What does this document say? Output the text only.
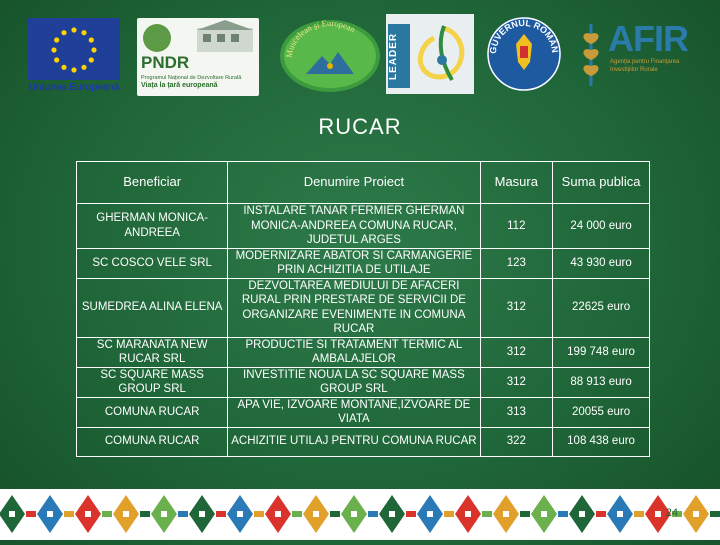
Uniunea Europeană
PNDR
Programul Naţional de Dezvoltare Rurală
Viața la țară europeană
Muscelean şi European
LEADER	GUVERNUL ROMÂN AFIR
Agenţia pentru Finanţarea Investiţiilor Rurale
RUCAR
Beneficiar	Denumire Proiect	Masura	Suma publica
GHERMAN MONICA-ANDREEA	INSTALARE TANAR FERMIER GHERMAN MONICA-ANDREEA COMUNA RUCAR, JUDETUL ARGES	112	24 000 euro
SC COSCO VELE SRL	MODERNIZARE ABATOR SI CARMANGERIE PRIN ACHIZITIA DE UTILAJE	123	43 930 euro
SUMEDREA ALINA ELENA	DEZVOLTAREA MEDIULUI DE AFACERI RURAL PRIN PRESTARE DE SERVICII DE ORGANIZARE EVENIMENTE IN COMUNA RUCAR	312	22625 euro
SC MARANATA NEW RUCAR SRL	PRODUCTIE SI TRATAMENT TERMIC AL AMBALAJELOR	312	199 748 euro
SC SQUARE MASS GROUP SRL	INVESTITIE NOUA LA SC SQUARE MASS GROUP SRL	312	88 913 euro
COMUNA RUCAR	APA VIE, IZVOARE MONTANE,IZVOARE DE VIATA	313	20055 euro
COMUNA RUCAR	ACHIZITIE UTILAJ PENTRU COMUNA RUCAR	322	108 438 euro
24
